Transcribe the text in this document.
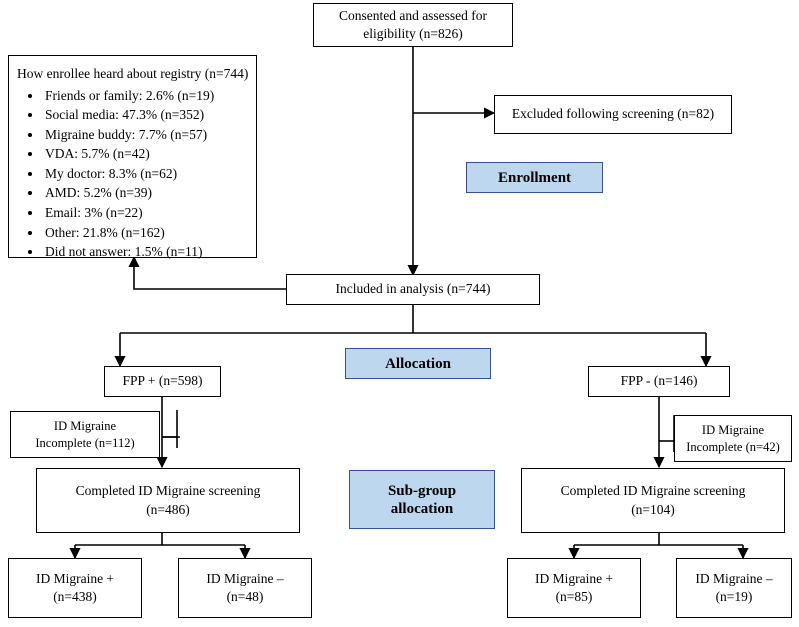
Consented and assessed for
eligibility (n=826)
Excluded following screening (n=82)
Enrollment
How enrollee heard about registry (n=744)
• Friends or family: 2.6% (n=19)
• Social media: 47.3% (n=352)
• Migraine buddy: 7.7% (n=57)
• VDA: 5.7% (n=42)
• My doctor: 8.3% (n=62)
• AMD: 5.2% (n=39)
• Email: 3% (n=22)
• Other: 21.8% (n=162)
• Did not answer: 1.5% (n=11)
Included in analysis (n=744)
Allocation
FPP + (n=598)	FPP - (n=146)
ID Migraine
Incomplete (n=112)
ID Migraine
Incomplete (n=42)
Completed ID Migraine screening
(n=486)
Completed ID Migraine screening
(n=104)
Sub-group
allocation
ID Migraine +
(n=438)
ID Migraine –
(n=48)
ID Migraine +
(n=85)
ID Migraine –
(n=19)
